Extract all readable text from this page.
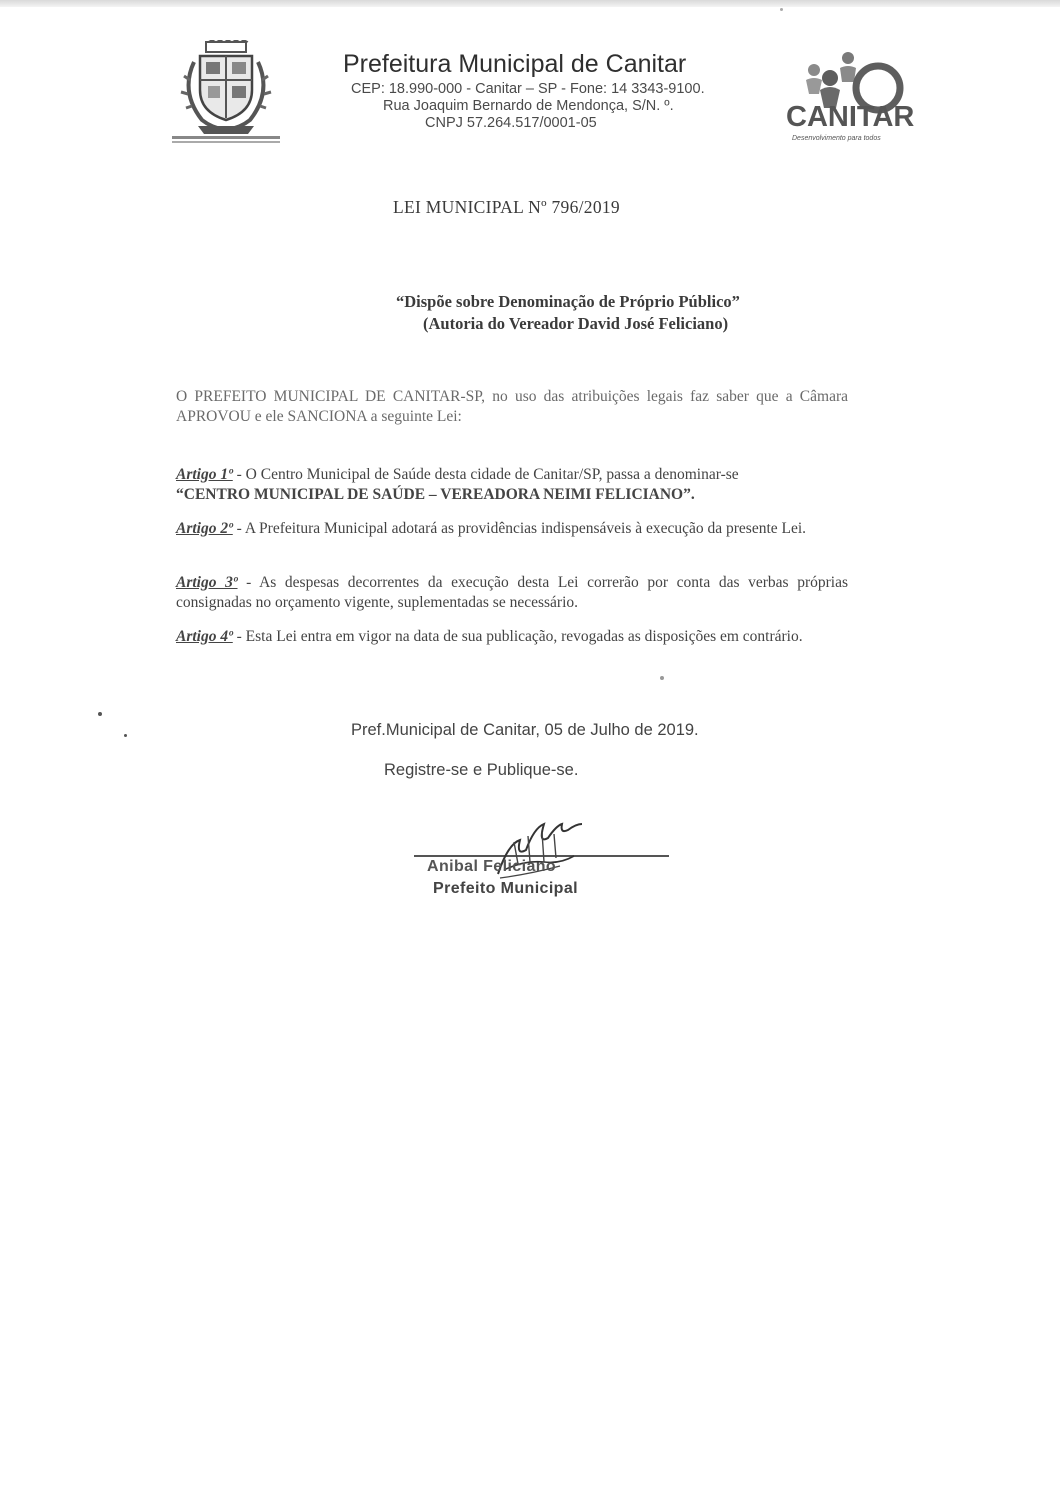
Prefeitura Municipal de Canitar
CEP: 18.990-000 - Canitar – SP - Fone: 14 3343-9100.
Rua Joaquim Bernardo de Mendonça, S/N. º.
CNPJ 57.264.517/0001-05	CANITAR
Desenvolvimento para todos
LEI MUNICIPAL Nº 796/2019
“Dispõe sobre Denominação de Próprio Público”
(Autoria do Vereador David José Feliciano)
O PREFEITO MUNICIPAL DE CANITAR-SP, no uso das atribuições legais faz saber que a Câmara APROVOU e ele SANCIONA a seguinte Lei:
Artigo 1º - O Centro Municipal de Saúde desta cidade de Canitar/SP, passa a denominar-se
“CENTRO MUNICIPAL DE SAÚDE – VEREADORA NEIMI FELICIANO”.
Artigo 2º - A Prefeitura Municipal adotará as providências indispensáveis à execução da presente Lei.
Artigo 3º - As despesas decorrentes da execução desta Lei correrão por conta das verbas próprias consignadas no orçamento vigente, suplementadas se necessário.
Artigo 4º - Esta Lei entra em vigor na data de sua publicação, revogadas as disposições em contrário.
Pref.Municipal de Canitar, 05 de Julho de 2019.
Registre-se e Publique-se.
Anibal Feliciano
Prefeito Municipal
